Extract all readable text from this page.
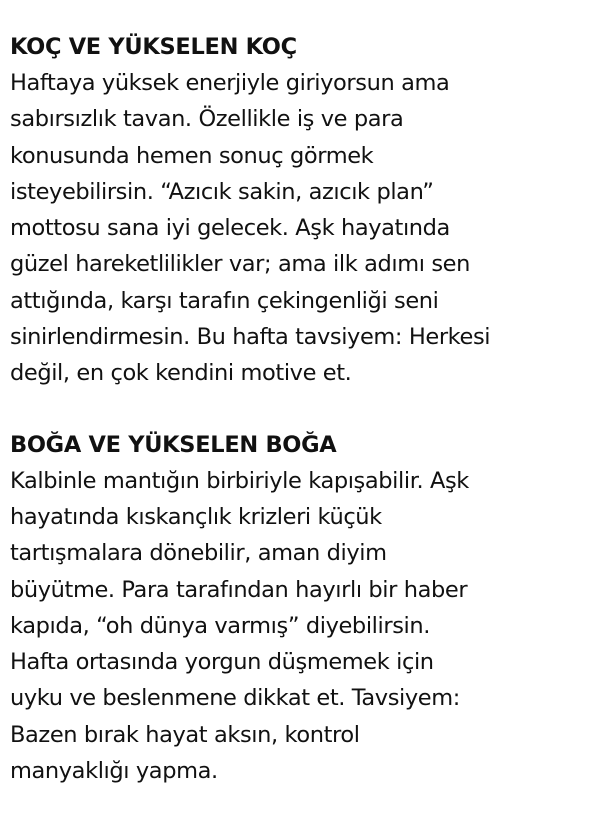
KOÇ VE YÜKSELEN KOÇ
Haftaya yüksek enerjiyle giriyorsun ama
sabırsızlık tavan. Özellikle iş ve para
konusunda hemen sonuç görmek
isteyebilirsin. “Azıcık sakin, azıcık plan”
mottosu sana iyi gelecek. Aşk hayatında
güzel hareketlilikler var; ama ilk adımı sen
attığında, karşı tarafın çekingenliği seni
sinirlendirmesin. Bu hafta tavsiyem: Herkesi
değil, en çok kendini motive et.
BOĞA VE YÜKSELEN BOĞA
Kalbinle mantığın birbiriyle kapışabilir. Aşk
hayatında kıskançlık krizleri küçük
tartışmalara dönebilir, aman diyim
büyütme. Para tarafından hayırlı bir haber
kapıda, “oh dünya varmış” diyebilirsin.
Hafta ortasında yorgun düşmemek için
uyku ve beslenmene dikkat et. Tavsiyem:
Bazen bırak hayat aksın, kontrol
manyaklığı yapma.
